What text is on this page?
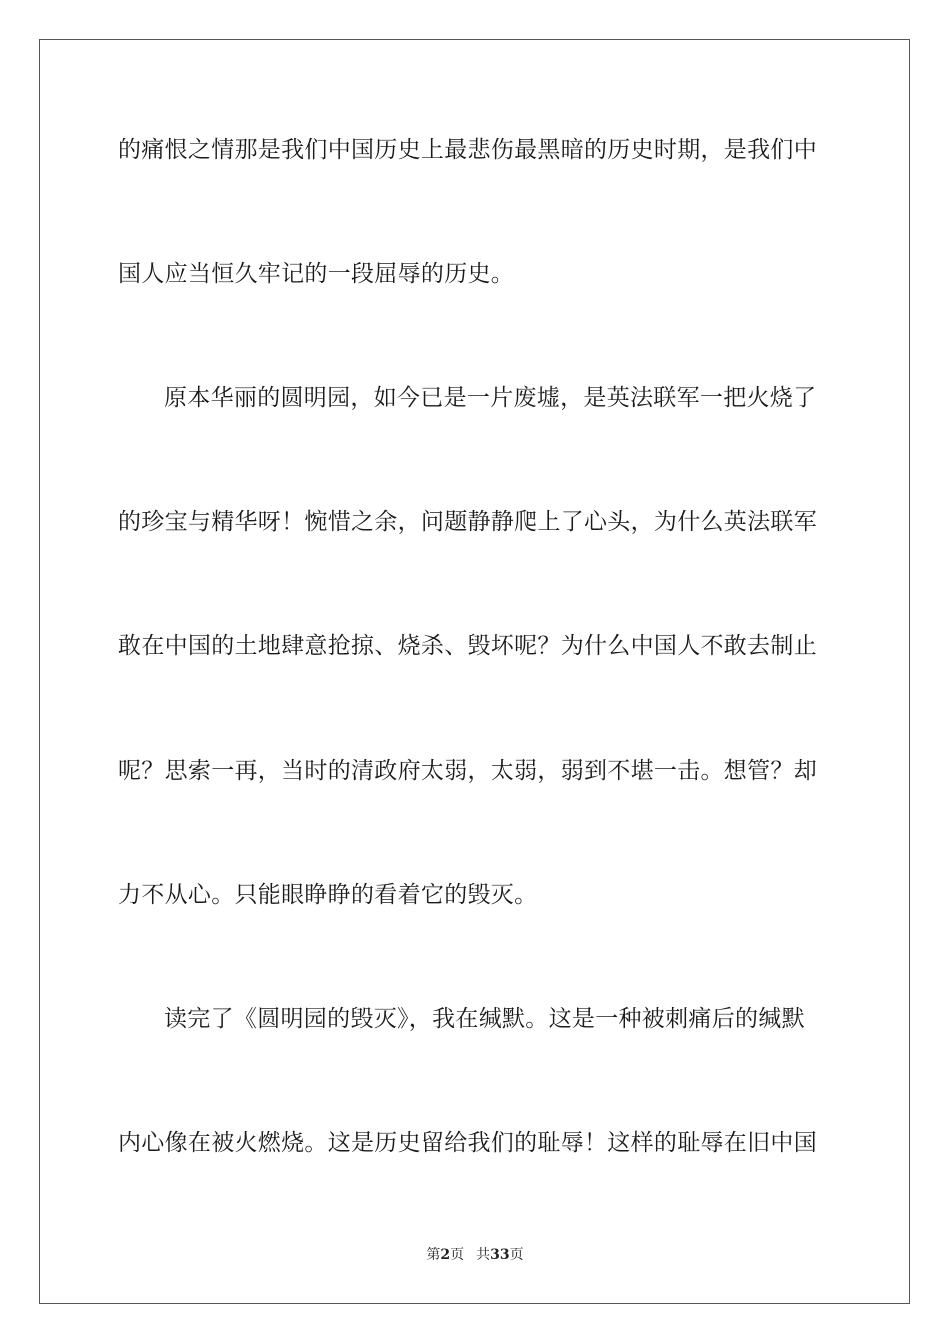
的痛恨之情那是我们中国历史上最悲伤最黑暗的历史时期，是我们中
国人应当恒久牢记的一段屈辱的历史。
原本华丽的圆明园，如今已是一片废墟，是英法联军一把火烧了
的珍宝与精华呀！惋惜之余，问题静静爬上了心头，为什么英法联军
敢在中国的土地肆意抢掠、烧杀、毁坏呢？为什么中国人不敢去制止
呢？思索一再，当时的清政府太弱，太弱，弱到不堪一击。想管？却
力不从心。只能眼睁睁的看着它的毁灭。
读完了《圆明园的毁灭》，我在缄默。这是一种被刺痛后的缄默
内心像在被火燃烧。这是历史留给我们的耻辱！这样的耻辱在旧中国
第2页 共33页
